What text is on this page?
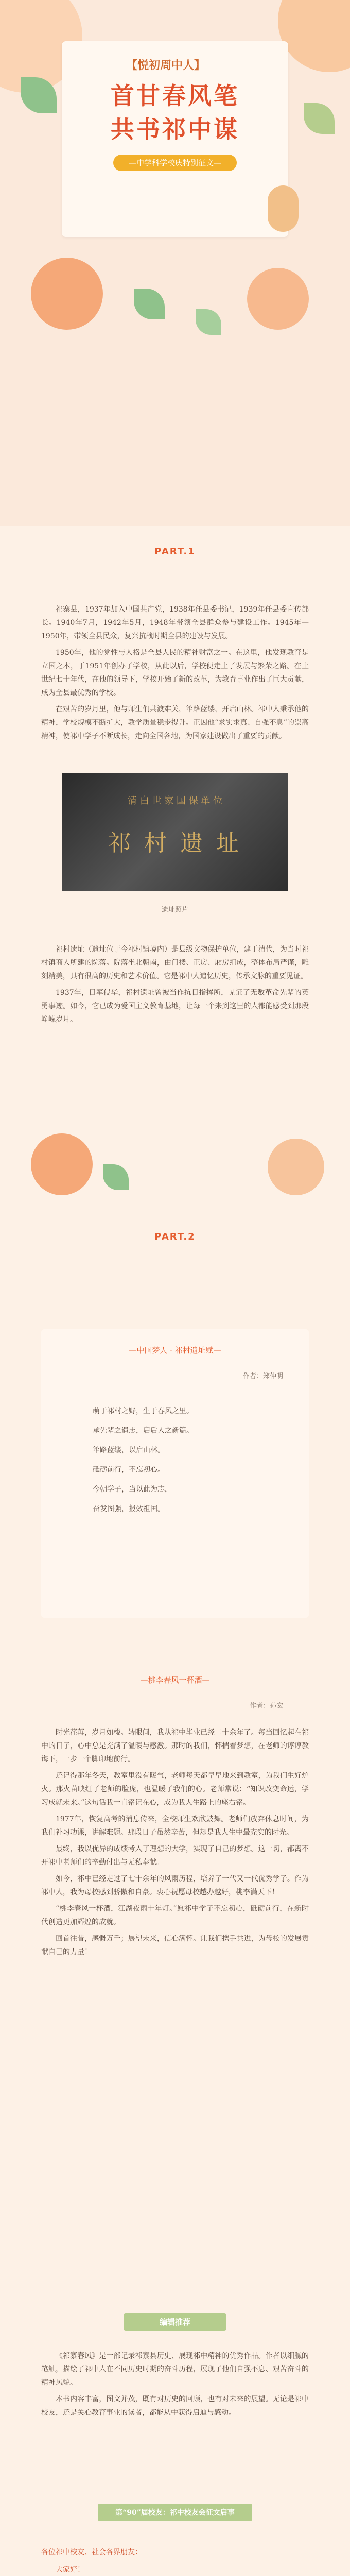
【悦初周中人】
首甘春风笔
共书祁中谋
—中学科学校庆特别征文—
PART.1

祁寨县，1937年加入中国共产党，1938年任县委书记，1939年任县委宣传部长。1940年7月，1942年5月，1948年带领全县群众参与建设工作。1945年—1950年，带领全县民众，复兴抗战时期全县的建设与发展。

1950年，他的党性与人格是全县人民的精神财富之一。在这里，他发现教育是立国之本，于1951年创办了学校，从此以后，学校便走上了发展与繁荣之路。在上世纪七十年代，在他的领导下，学校开始了新的改革，为教育事业作出了巨大贡献，成为全县最优秀的学校。

在艰苦的岁月里，他与师生们共渡难关，筚路蓝缕，开启山林。祁中人秉承他的精神，学校规模不断扩大，教学质量稳步提升。正因他“求实求真、自强不息”的崇高精神，使祁中学子不断成长，走向全国各地，为国家建设做出了重要的贡献。

清 白 世 家 国 保 单 位
祁 村 遗 址
—遗址照片—

祁村遗址（遗址位于今祁村镇境内）是县级文物保护单位，建于清代，为当时祁村镇商人所建的院落。院落坐北朝南，由门楼、正房、厢房组成，整体布局严谨，雕刻精美，具有很高的历史和艺术价值。它是祁中人追忆历史，传承文脉的重要见证。

1937年，日军侵华，祁村遗址曾被当作抗日指挥所，见证了无数革命先辈的英勇事迹。如今，它已成为爱国主义教育基地，让每一个来到这里的人都能感受到那段峥嵘岁月。

PART.2
—中国梦人 · 祁村遗址赋—
作者：郑仲明
萌于祁村之野，生于春风之里。
承先辈之遗志，启后人之新篇。
筚路蓝缕，以启山林。
砥砺前行，不忘初心。
今朝学子，当以此为志，
奋发图强，报效祖国。
—桃李春风一杯酒—
作者：孙宏

时光荏苒，岁月如梭。转眼间，我从祁中毕业已经二十余年了。每当回忆起在祁中的日子，心中总是充满了温暖与感激。那时的我们，怀揣着梦想，在老师的谆谆教诲下，一步一个脚印地前行。

还记得那年冬天，教室里没有暖气，老师每天都早早地来到教室，为我们生好炉火。那火苗映红了老师的脸庞，也温暖了我们的心。老师常说：“知识改变命运，学习成就未来。”这句话我一直铭记在心，成为我人生路上的座右铭。

1977年，恢复高考的消息传来，全校师生欢欣鼓舞。老师们放弃休息时间，为我们补习功课，讲解难题。那段日子虽然辛苦，但却是我人生中最充实的时光。

最终，我以优异的成绩考入了理想的大学，实现了自己的梦想。这一切，都离不开祁中老师们的辛勤付出与无私奉献。

如今，祁中已经走过了七十余年的风雨历程，培养了一代又一代优秀学子。作为祁中人，我为母校感到骄傲和自豪。衷心祝愿母校越办越好，桃李满天下！

“桃李春风一杯酒，江湖夜雨十年灯。”愿祁中学子不忘初心，砥砺前行，在新时代创造更加辉煌的成就。

回首往昔，感慨万千；展望未来，信心满怀。让我们携手共进，为母校的发展贡献自己的力量！

编辑推荐

《祁寨春风》是一部记录祁寨县历史、展现祁中精神的优秀作品。作者以细腻的笔触，描绘了祁中人在不同历史时期的奋斗历程，展现了他们自强不息、艰苦奋斗的精神风貌。

本书内容丰富，图文并茂，既有对历史的回顾，也有对未来的展望。无论是祁中校友，还是关心教育事业的读者，都能从中获得启迪与感动。

第“90”届校友：祁中校友会征文启事

各位祁中校友、社会各界朋友：

大家好！
